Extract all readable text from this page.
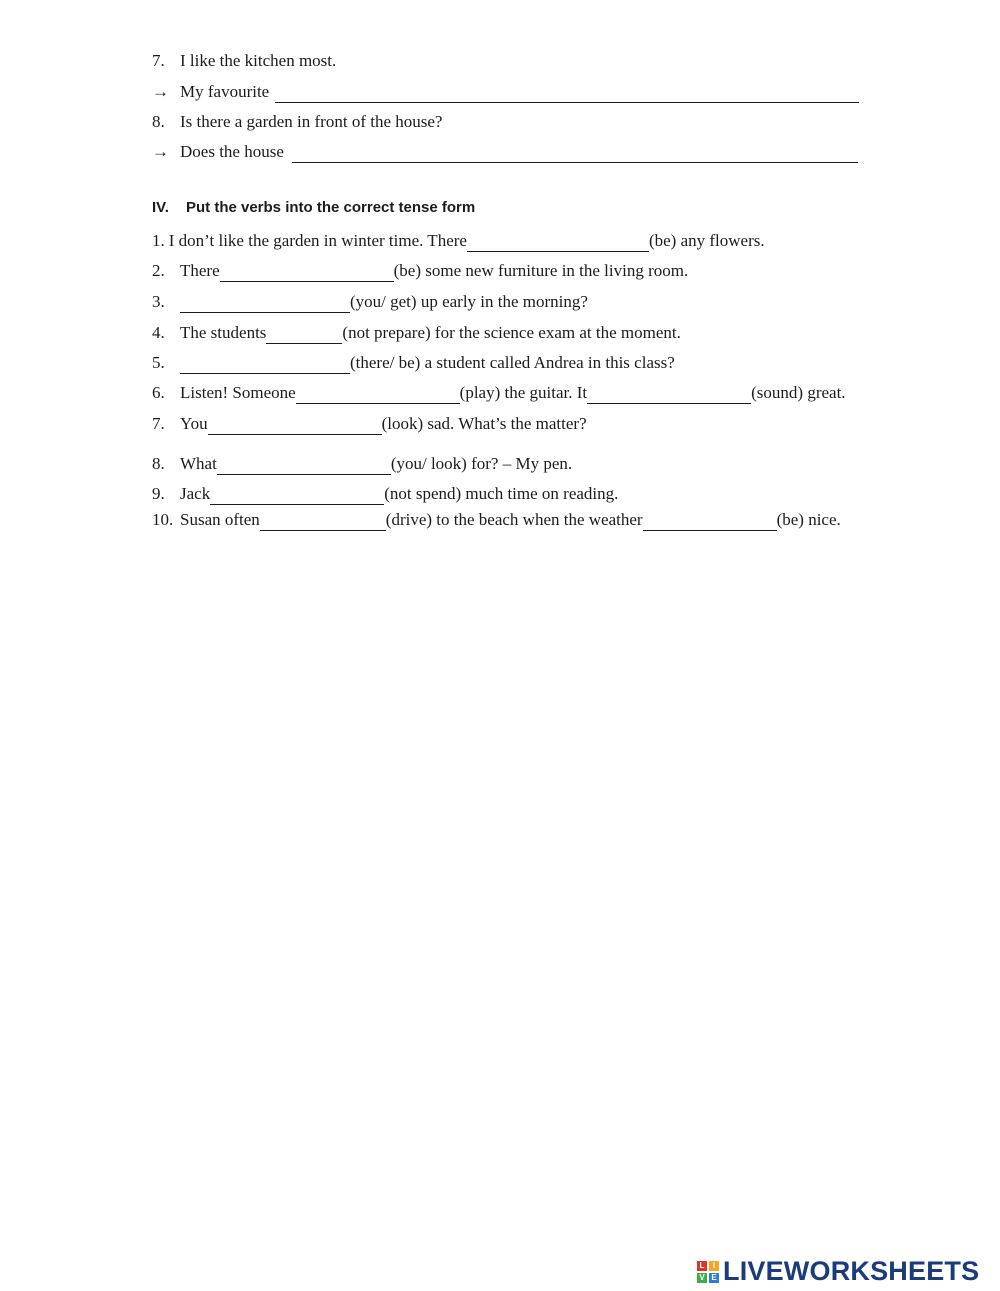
7. I like the kitchen most.
→ My favourite
8. Is there a garden in front of the house?
→ Does the house
IV. Put the verbs into the correct tense form
1. I don’t like the garden in winter time. There	(be) any flowers.
2. There	(be) some new furniture in the living room.
3.	(you/ get) up early in the morning?
4. The students	(not prepare) for the science exam at the moment.
5.	(there/ be) a student called Andrea in this class?
6. Listen! Someone	(play) the guitar. It	(sound) great.
7. You	(look) sad. What’s the matter?
8. What	(you/ look) for? – My pen.
9. Jack	(not spend) much time on reading.
10. Susan often	(drive) to the beach when the weather	(be) nice.
L	I
V E LIVEWORKSHEETS
